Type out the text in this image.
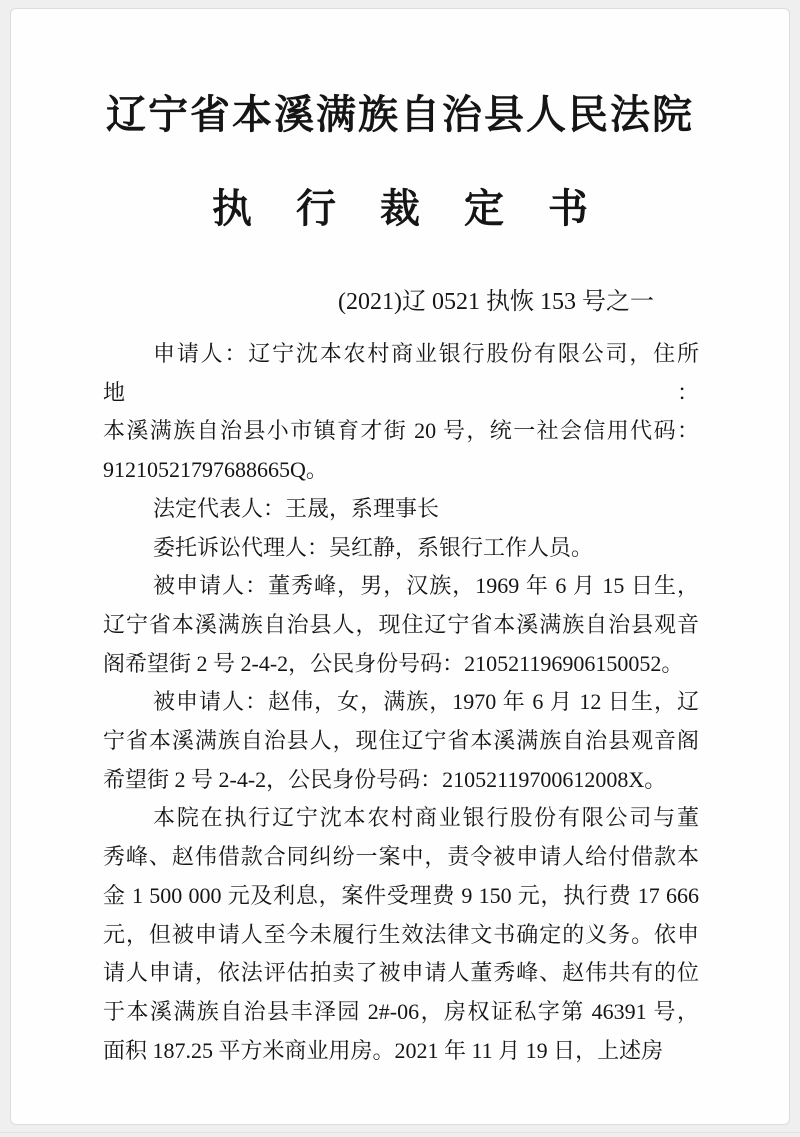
辽宁省本溪满族自治县人民法院
执 行 裁 定 书
(2021)辽 0521 执恢 153 号之一

申请人：辽宁沈本农村商业银行股份有限公司，住所地：

本溪满族自治县小市镇育才街 20 号，统一社会信用代码：

91210521797688665Q。

法定代表人：王晟，系理事长

委托诉讼代理人：吴红静，系银行工作人员。

被申请人：董秀峰，男，汉族，1969 年 6 月 15 日生，

辽宁省本溪满族自治县人，现住辽宁省本溪满族自治县观音

阁希望街 2 号 2-4-2，公民身份号码：210521196906150052。

被申请人：赵伟，女，满族，1970 年 6 月 12 日生，辽

宁省本溪满族自治县人，现住辽宁省本溪满族自治县观音阁

希望街 2 号 2-4-2，公民身份号码：21052119700612008X。

本院在执行辽宁沈本农村商业银行股份有限公司与董

秀峰、赵伟借款合同纠纷一案中，责令被申请人给付借款本

金 1 500 000 元及利息，案件受理费 9 150 元，执行费 17 666

元，但被申请人至今未履行生效法律文书确定的义务。依申

请人申请，依法评估拍卖了被申请人董秀峰、赵伟共有的位

于本溪满族自治县丰泽园 2#-06，房权证私字第 46391 号，

面积 187.25 平方米商业用房。2021 年 11 月 19 日，上述房
